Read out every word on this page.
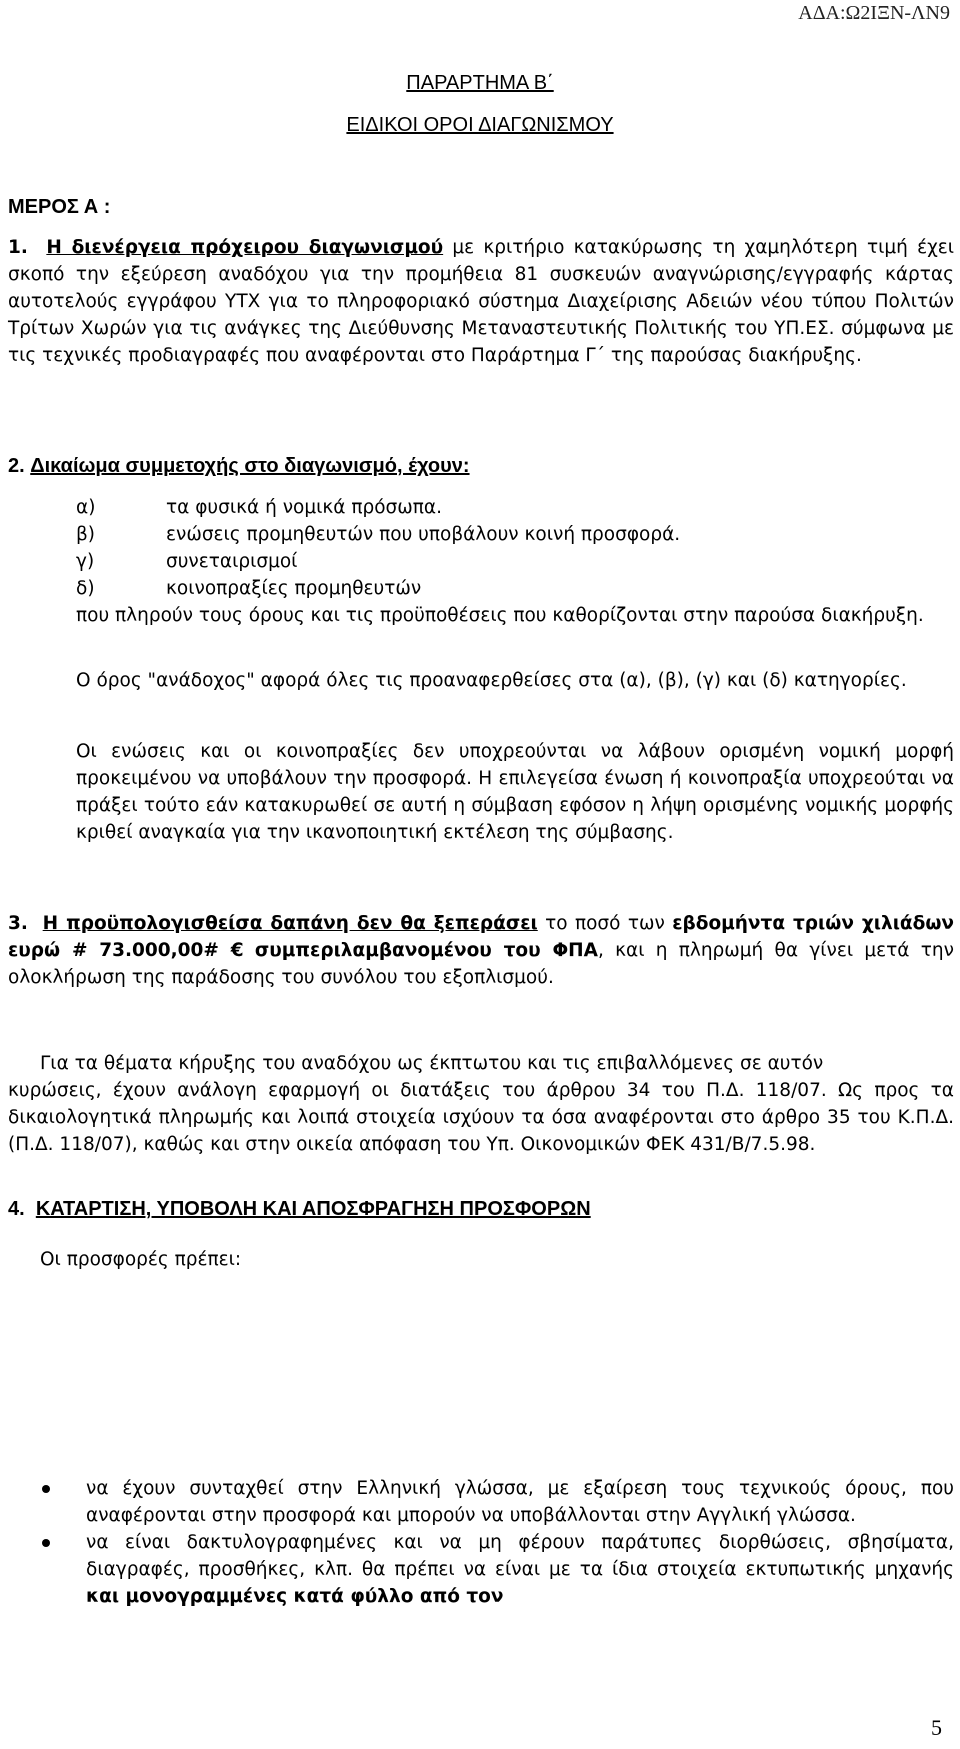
ΑΔΑ:Ω2ΙΞΝ-ΛΝ9
ΠΑΡΑΡΤΗΜΑ Β΄
ΕΙΔΙΚΟΙ ΟΡΟΙ ΔΙΑΓΩΝΙΣΜΟΥ
ΜΕΡΟΣ Α :

1. Η διενέργεια πρόχειρου διαγωνισμού με κριτήριο κατακύρωσης τη χαμηλότερη τιμή έχει σκοπό την εξεύρεση αναδόχου για την προμήθεια 81 συσκευών αναγνώρισης/εγγραφής κάρτας αυτοτελούς εγγράφου ΥΤΧ για το πληροφοριακό σύστημα Διαχείρισης Αδειών νέου τύπου Πολιτών Τρίτων Χωρών για τις ανάγκες της Διεύθυνσης Μεταναστευτικής Πολιτικής του ΥΠ.ΕΣ. σύμφωνα με τις τεχνικές προδιαγραφές που αναφέρονται στο Παράρτημα Γ΄ της παρούσας διακήρυξης.

2. Δικαίωμα συμμετοχής στο διαγωνισμό, έχουν:
α)	τα φυσικά ή νομικά πρόσωπα.
β)	ενώσεις προμηθευτών που υποβάλουν κοινή προσφορά.
γ)	συνεταιρισμοί
δ)	κοινοπραξίες προμηθευτών

που πληρούν τους όρους και τις προϋποθέσεις που καθορίζονται στην παρούσα διακήρυξη.

Ο όρος "ανάδοχος" αφορά όλες τις προαναφερθείσες στα (α), (β), (γ) και (δ) κατηγορίες.

Οι ενώσεις και οι κοινοπραξίες δεν υποχρεούνται να λάβουν ορισμένη νομική μορφή προκειμένου να υποβάλουν την προσφορά. Η επιλεγείσα ένωση ή κοινοπραξία υποχρεούται να πράξει τούτο εάν κατακυρωθεί σε αυτή η σύμβαση εφόσον η λήψη ορισμένης νομικής μορφής κριθεί αναγκαία για την ικανοποιητική εκτέλεση της σύμβασης.

3. Η προϋπολογισθείσα δαπάνη δεν θα ξεπεράσει το ποσό των εβδομήντα τριών χιλιάδων ευρώ # 73.000,00# € συμπεριλαμβανομένου του ΦΠΑ, και η πληρωμή θα γίνει μετά την ολοκλήρωση της παράδοσης του συνόλου του εξοπλισμού.

Για τα θέματα κήρυξης του αναδόχου ως έκπτωτου και τις επιβαλλόμενες σε αυτόν
κυρώσεις, έχουν ανάλογη εφαρμογή οι διατάξεις του άρθρου 34 του Π.Δ. 118/07. Ως προς τα δικαιολογητικά πληρωμής και λοιπά στοιχεία ισχύουν τα όσα αναφέρονται στο άρθρο 35 του Κ.Π.Δ. (Π.Δ. 118/07), καθώς και στην οικεία απόφαση του Υπ. Οικονομικών ΦΕΚ 431/Β/7.5.98.

4. ΚΑΤΑΡΤΙΣΗ, ΥΠΟΒΟΛΗ ΚΑΙ ΑΠΟΣΦΡΑΓΗΣΗ ΠΡΟΣΦΟΡΩΝ

Οι προσφορές πρέπει:

να έχουν συνταχθεί στην Ελληνική γλώσσα, με εξαίρεση τους τεχνικούς όρους, που αναφέρονται στην προσφορά και μπορούν να υποβάλλονται στην Αγγλική γλώσσα.

να είναι δακτυλογραφημένες και να μη φέρουν παράτυπες διορθώσεις, σβησίματα, διαγραφές, προσθήκες, κλπ. θα πρέπει να είναι με τα ίδια στοιχεία εκτυπωτικής μηχανής και μονογραμμένες κατά φύλλο από τον

5
